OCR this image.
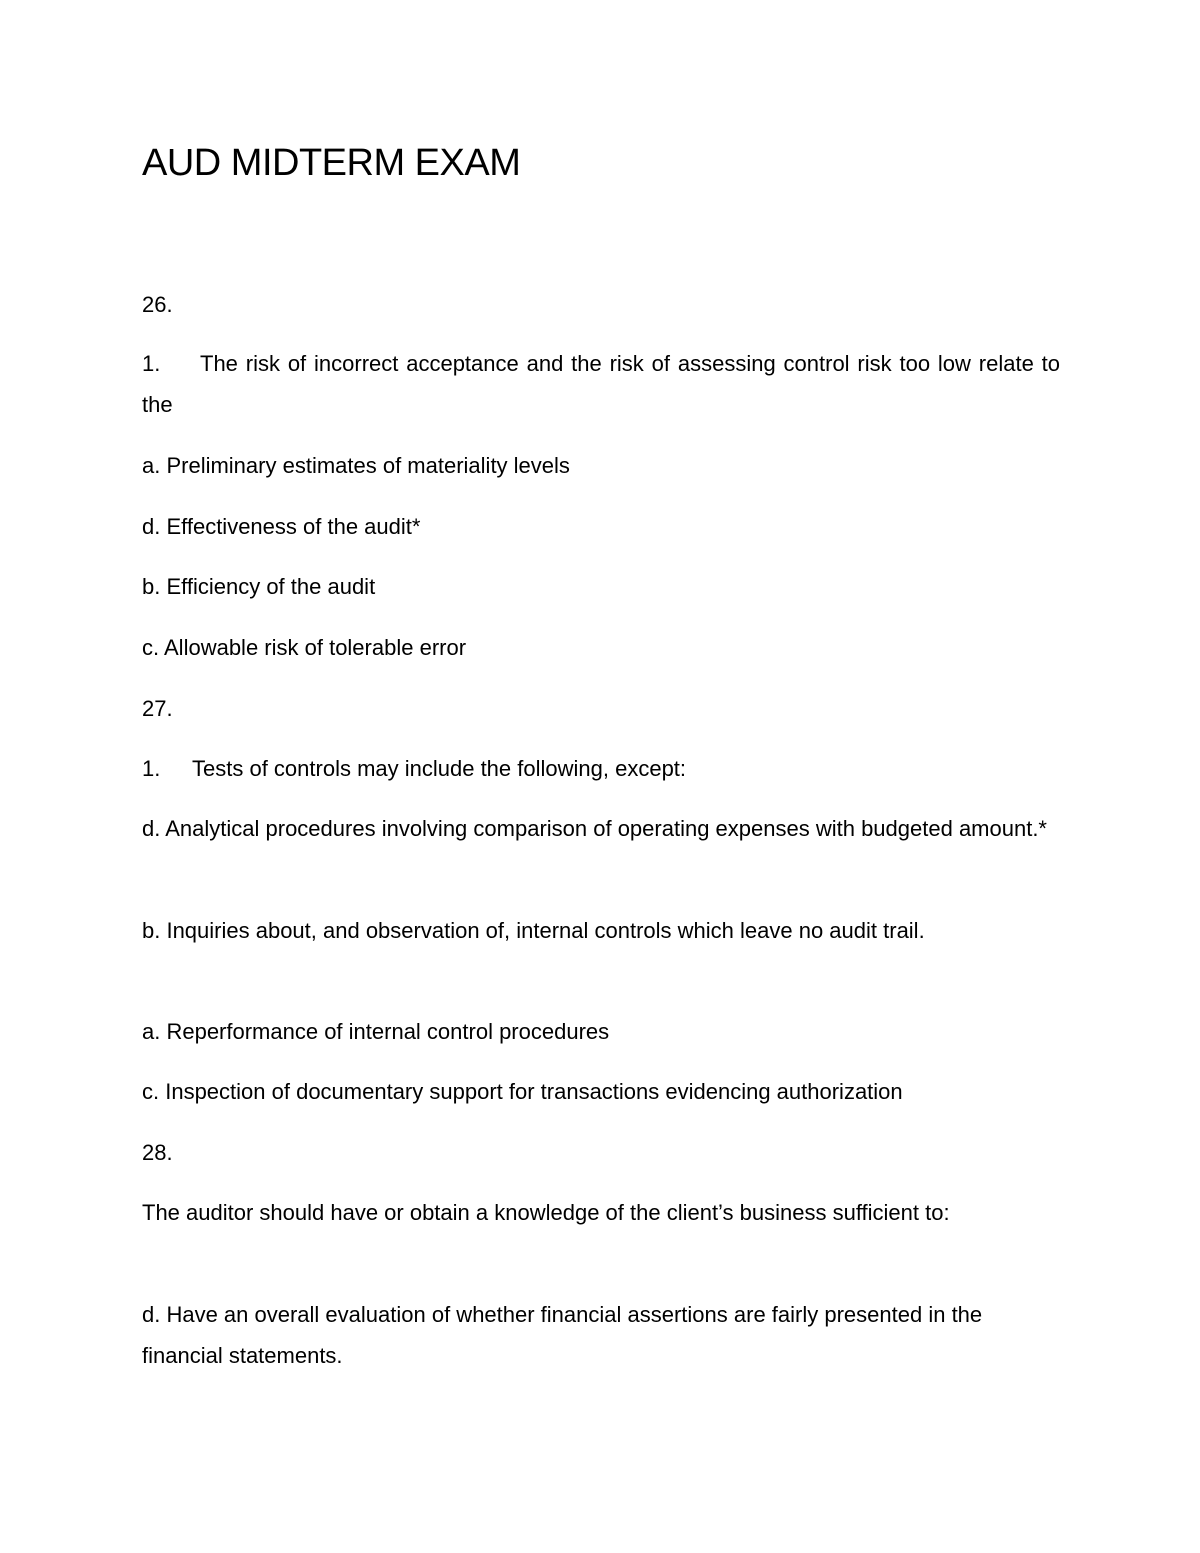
AUD MIDTERM EXAM

26.

1. The risk of incorrect acceptance and the risk of assessing control risk too low relate to the

a. Preliminary estimates of materiality levels

d. Effectiveness of the audit*

b. Efficiency of the audit

c. Allowable risk of tolerable error

27.

1. Tests of controls may include the following, except:

d. Analytical procedures involving comparison of operating expenses with budgeted amount.*

b. Inquiries about, and observation of, internal controls which leave no audit trail.

a. Reperformance of internal control procedures

c. Inspection of documentary support for transactions evidencing authorization

28.

The auditor should have or obtain a knowledge of the client’s business sufficient to:

d. Have an overall evaluation of whether financial assertions are fairly presented in the financial statements.
